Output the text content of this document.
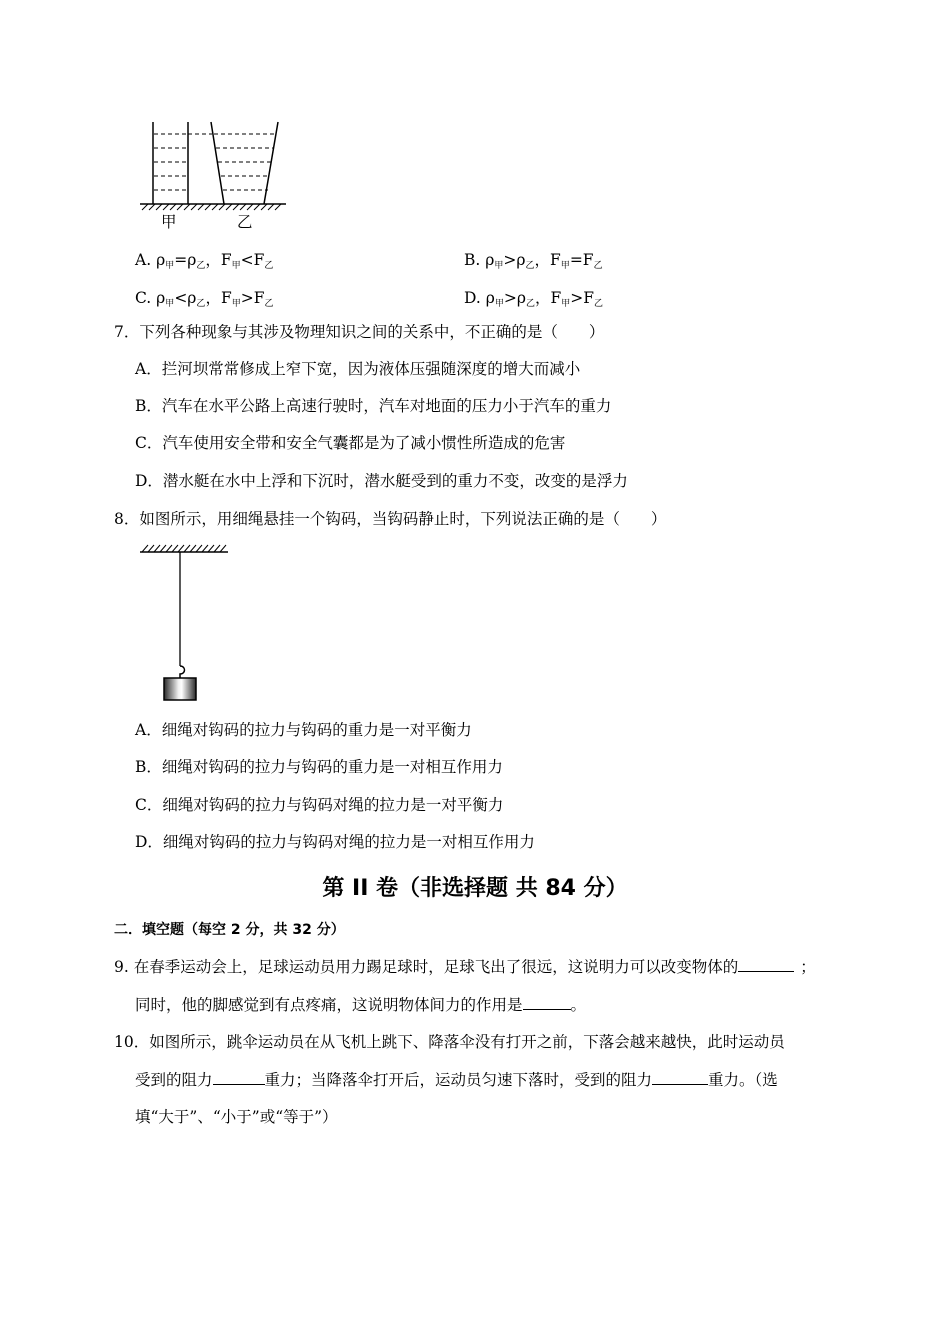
甲	乙
A. ρ甲=ρ乙，F甲<F乙	B. ρ甲>ρ乙，F甲=F乙
C. ρ甲<ρ乙，F甲>F乙	D. ρ甲>ρ乙，F甲>F乙
7．下列各种现象与其涉及物理知识之间的关系中，不正确的是（　　）
A．拦河坝常常修成上窄下宽，因为液体压强随深度的增大而减小
B．汽车在水平公路上高速行驶时，汽车对地面的压力小于汽车的重力
C．汽车使用安全带和安全气囊都是为了减小惯性所造成的危害
D．潜水艇在水中上浮和下沉时，潜水艇受到的重力不变，改变的是浮力
8．如图所示，用细绳悬挂一个钩码，当钩码静止时，下列说法正确的是（　　）
A．细绳对钩码的拉力与钩码的重力是一对平衡力
B．细绳对钩码的拉力与钩码的重力是一对相互作用力
C．细绳对钩码的拉力与钩码对绳的拉力是一对平衡力
D．细绳对钩码的拉力与钩码对绳的拉力是一对相互作用力
第 II 卷（非选择题 共 84 分）
二．填空题（每空 2 分，共 32 分）
9. 在春季运动会上，足球运动员用力踢足球时，足球飞出了很远，这说明力可以改变物体的	；
同时，他的脚感觉到有点疼痛，这说明物体间力的作用是	。
10．如图所示，跳伞运动员在从飞机上跳下、降落伞没有打开之前，下落会越来越快，此时运动员
受到的阻力	重力；当降落伞打开后，运动员匀速下落时，受到的阻力	重力。（选
填“大于”、“小于”或“等于”）
